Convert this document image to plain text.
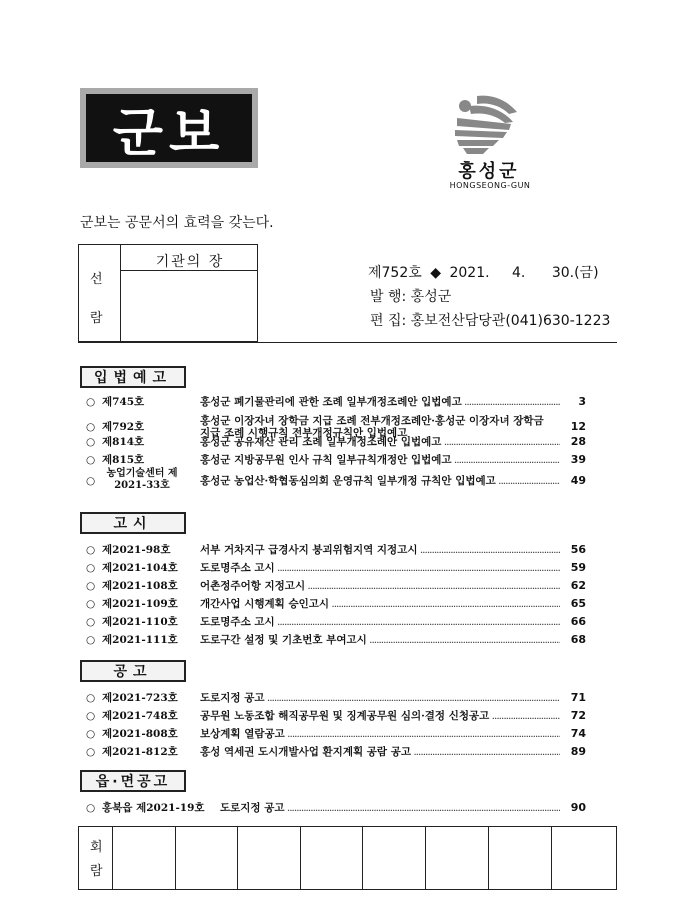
군보
홍성군
HONGSEONG-GUN
군보는 공문서의 효력을 갖는다.
선
람
기관의 장
제752호 ◆ 2021. 4. 30.(금)
발 행: 홍성군
편 집: 홍보전산담당관(041)630-1223
입법예고
○ 제745호	홍성군 폐기물관리에 관한 조례 일부개정조례안 입법예고 .....	3
○ 제792호	홍성군 이장자녀 장학금 지급 조례 전부개정조례안·홍성군 이장자녀 장학금 지급 조례 시행규칙 전부개정규칙안 입법예고	12
○ 제814호	홍성군 공유재산 관리 조례 일부개정조례안 입법예고 .....	28
○ 제815호	홍성군 지방공무원 인사 규칙 일부규칙개정안 입법예고 .....	39
○
농업기술센터 제2021-33호	홍성군 농업산·학협동심의회 운영규칙 일부개정 규칙안 입법예고 .....	49
고시
○ 제2021-98호	서부 거차지구 급경사지 붕괴위험지역 지정고시 .....	56
○ 제2021-104호 도로명주소 고시 .....	59
○ 제2021-108호 어촌정주어항 지정고시 .....	62
○ 제2021-109호 개간사업 시행계획 승인고시 .....	65
○ 제2021-110호 도로명주소 고시 .....	66
○ 제2021-111호 도로구간 설정 및 기초번호 부여고시 .....	68
공고
○ 제2021-723호 도로지정 공고 .....	71
○ 제2021-748호 공무원 노동조합 해직공무원 및 징계공무원 심의·결정 신청공고 .....	72
○ 제2021-808호 보상계획 열람공고 .....	74
○ 제2021-812호 홍성 역세권 도시개발사업 환지계획 공람 공고 .....	89
읍·면공고
○ 홍북읍 제2021-19호 도로지정 공고 .....	90
회
람
